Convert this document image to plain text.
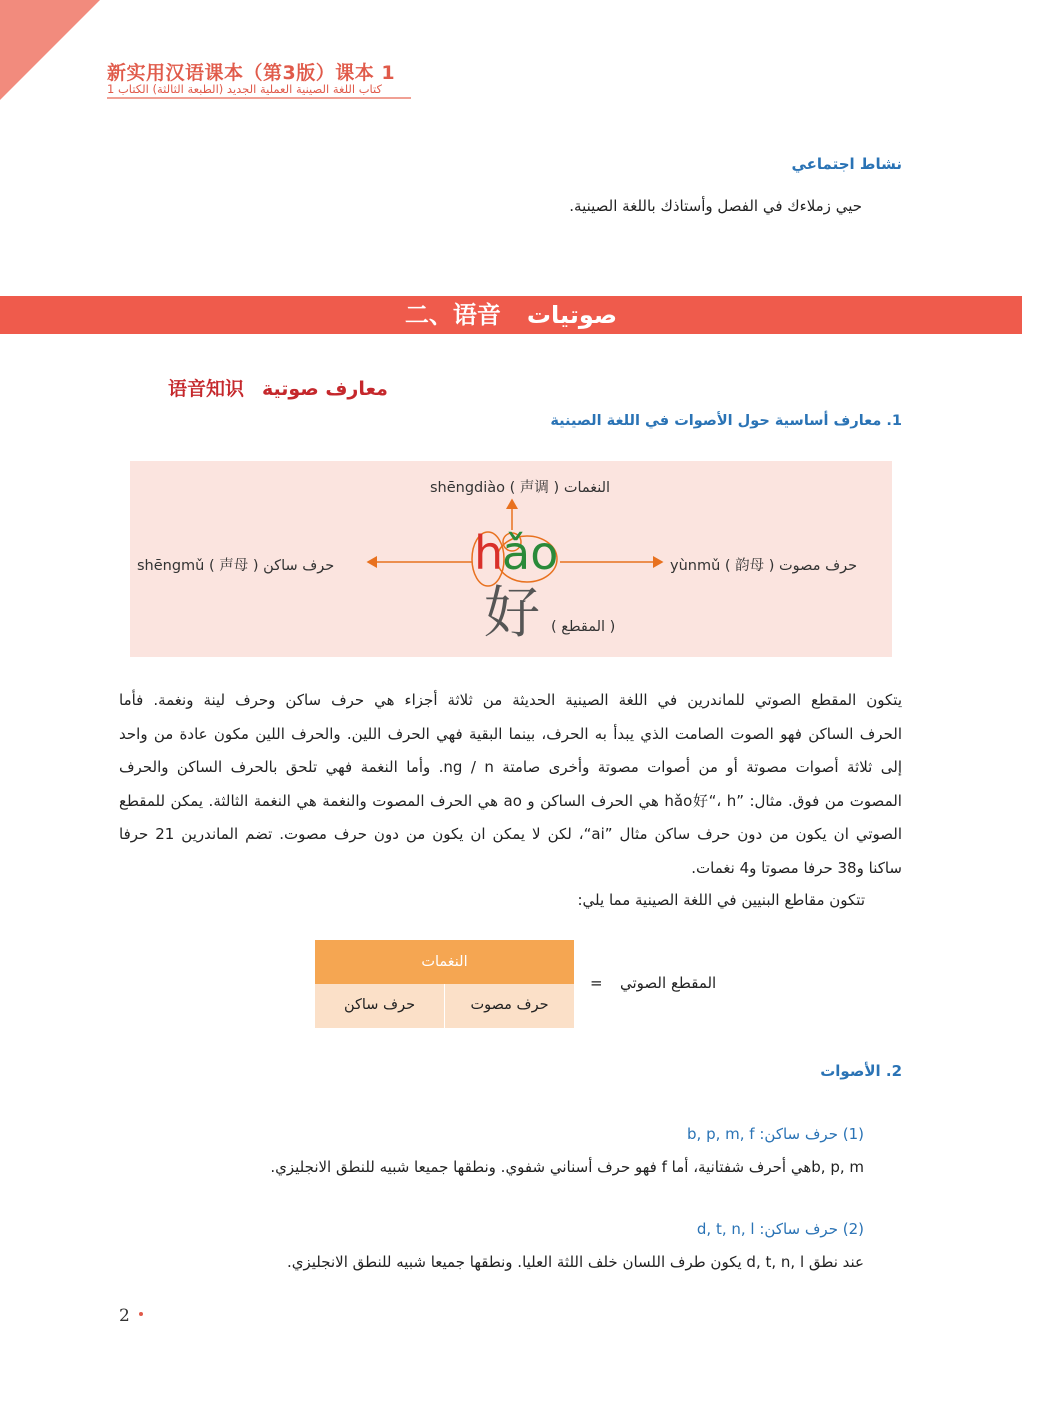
新实用汉语课本（第3版）课本 1
كتاب اللغة الصينية العملية الجديد (الطبعة الثالثة) الكتاب 1
نشاط اجتماعي
حيي زملاءك في الفصل وأستاذك باللغة الصينية.
二、语音 صوتيات
语音知识 معارف صوتية
1. معارف أساسية حول الأصوات في اللغة الصينية
shēngdiào ( 声调 ) النغمات
shēngmǔ ( 声母 ) حرف ساكن	yùnmǔ ( 韵母 ) حرف مصوت
h
ǎo
好 ( المقطع )
يتكون المقطع الصوتي للماندرين في اللغة الصينية الحديثة من ثلاثة أجزاء هي حرف ساكن وحرف لينة ونغمة. فأما
الحرف الساكن فهو الصوت الصامت الذي يبدأ به الحرف، بينما البقية فهي الحرف اللين. والحرف اللين مكون عادة من واحد
إلى ثلاثة أصوات مصوتة أو من أصوات مصوتة وأخرى صامتة ng / n. وأما النغمة فهي تلحق بالحرف الساكن والحرف
المصوت من فوق. مثال: ”hǎo好“، h هي الحرف الساكن و ao هي الحرف المصوت والنغمة هي النغمة الثالثة. يمكن للمقطع
الصوتي ان يكون من دون حرف ساكن مثال ”ai“، لكن لا يمكن ان يكون من دون حرف مصوت. تضم الماندرين 21 حرفا
ساكنا و38 حرفا مصوتا و4 نغمات.
تتكون مقاطع البنيين في اللغة الصينية مما يلي:
النغمات
حرف ساكن	حرف مصوت
= المقطع الصوتي
2. الأصوات
(1) حرف ساكن: b, p, m, f
b, p, mهي أحرف شفتانية، أما f فهو حرف أسناني شفوي. ونطقها جميعا شبيه للنطق الانجليزي.
(2) حرف ساكن: d, t, n, l
عند نطق d, t, n, l يكون طرف اللسان خلف اللثة العليا. ونطقها جميعا شبيه للنطق الانجليزي.
2
